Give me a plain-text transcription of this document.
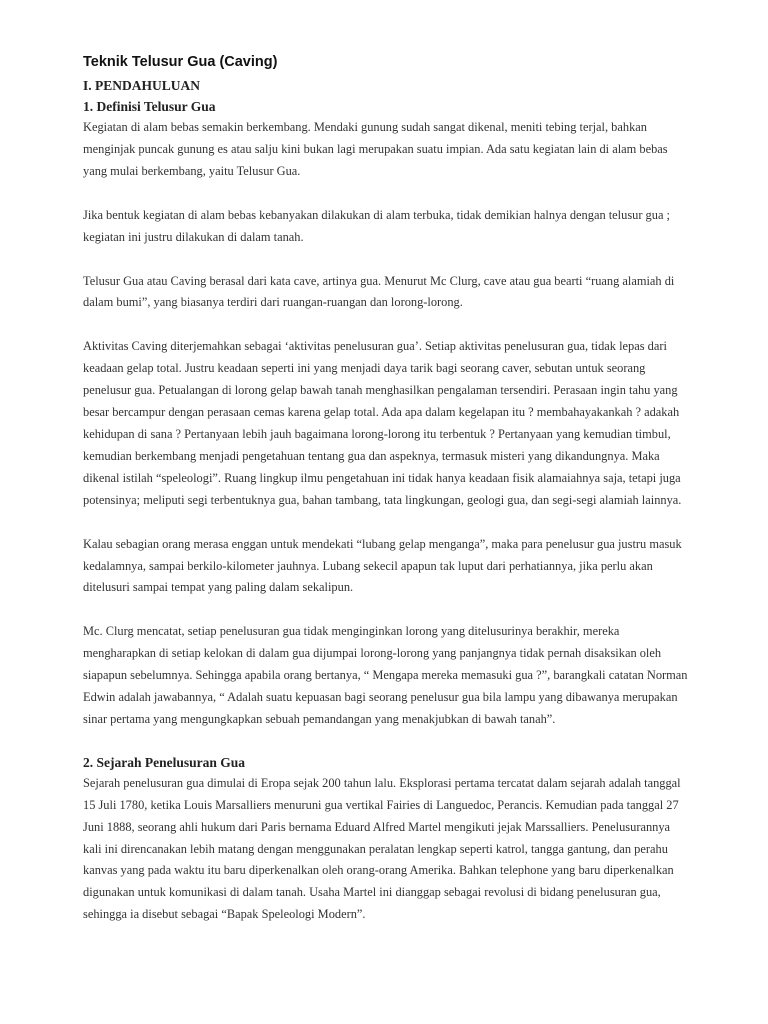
Teknik Telusur Gua (Caving)
I. PENDAHULUAN
1. Definisi Telusur Gua

Kegiatan di alam bebas semakin berkembang. Mendaki gunung sudah sangat dikenal, meniti tebing terjal, bahkan menginjak puncak gunung es atau salju kini bukan lagi merupakan suatu impian. Ada satu kegiatan lain di alam bebas yang mulai berkembang, yaitu Telusur Gua.

Jika bentuk kegiatan di alam bebas kebanyakan dilakukan di alam terbuka, tidak demikian halnya dengan telusur gua ; kegiatan ini justru dilakukan di dalam tanah.

Telusur Gua atau Caving berasal dari kata cave, artinya gua. Menurut Mc Clurg, cave atau gua bearti “ruang alamiah di dalam bumi”, yang biasanya terdiri dari ruangan-ruangan dan lorong-lorong.

Aktivitas Caving diterjemahkan sebagai ‘aktivitas penelusuran gua’. Setiap aktivitas penelusuran gua, tidak lepas dari keadaan gelap total. Justru keadaan seperti ini yang menjadi daya tarik bagi seorang caver, sebutan untuk seorang penelusur gua. Petualangan di lorong gelap bawah tanah menghasilkan pengalaman tersendiri. Perasaan ingin tahu yang besar bercampur dengan perasaan cemas karena gelap total. Ada apa dalam kegelapan itu ? membahayakankah ? adakah kehidupan di sana ? Pertanyaan lebih jauh bagaimana lorong-lorong itu terbentuk ? Pertanyaan yang kemudian timbul, kemudian berkembang menjadi pengetahuan tentang gua dan aspeknya, termasuk misteri yang dikandungnya. Maka dikenal istilah “speleologi”. Ruang lingkup ilmu pengetahuan ini tidak hanya keadaan fisik alamaiahnya saja, tetapi juga potensinya; meliputi segi terbentuknya gua, bahan tambang, tata lingkungan, geologi gua, dan segi-segi alamiah lainnya.

Kalau sebagian orang merasa enggan untuk mendekati “lubang gelap menganga”, maka para penelusur gua justru masuk kedalamnya, sampai berkilo-kilometer jauhnya. Lubang sekecil apapun tak luput dari perhatiannya, jika perlu akan ditelusuri sampai tempat yang paling dalam sekalipun.

Mc. Clurg mencatat, setiap penelusuran gua tidak menginginkan lorong yang ditelusurinya berakhir, mereka mengharapkan di setiap kelokan di dalam gua dijumpai lorong-lorong yang panjangnya tidak pernah disaksikan oleh siapapun sebelumnya. Sehingga apabila orang bertanya, “ Mengapa mereka memasuki gua ?”, barangkali catatan Norman Edwin adalah jawabannya, “ Adalah suatu kepuasan bagi seorang penelusur gua bila lampu yang dibawanya merupakan sinar pertama yang mengungkapkan sebuah pemandangan yang menakjubkan di bawah tanah”.

2. Sejarah Penelusuran Gua

Sejarah penelusuran gua dimulai di Eropa sejak 200 tahun lalu. Eksplorasi pertama tercatat dalam sejarah adalah tanggal 15 Juli 1780, ketika Louis Marsalliers menuruni gua vertikal Fairies di Languedoc, Perancis. Kemudian pada tanggal 27 Juni 1888, seorang ahli hukum dari Paris bernama Eduard Alfred Martel mengikuti jejak Marssalliers. Penelusurannya kali ini direncanakan lebih matang dengan menggunakan peralatan lengkap seperti katrol, tangga gantung, dan perahu kanvas yang pada waktu itu baru diperkenalkan oleh orang-orang Amerika. Bahkan telephone yang baru diperkenalkan digunakan untuk komunikasi di dalam tanah. Usaha Martel ini dianggap sebagai revolusi di bidang penelusuran gua, sehingga ia disebut sebagai “Bapak Speleologi Modern”.
